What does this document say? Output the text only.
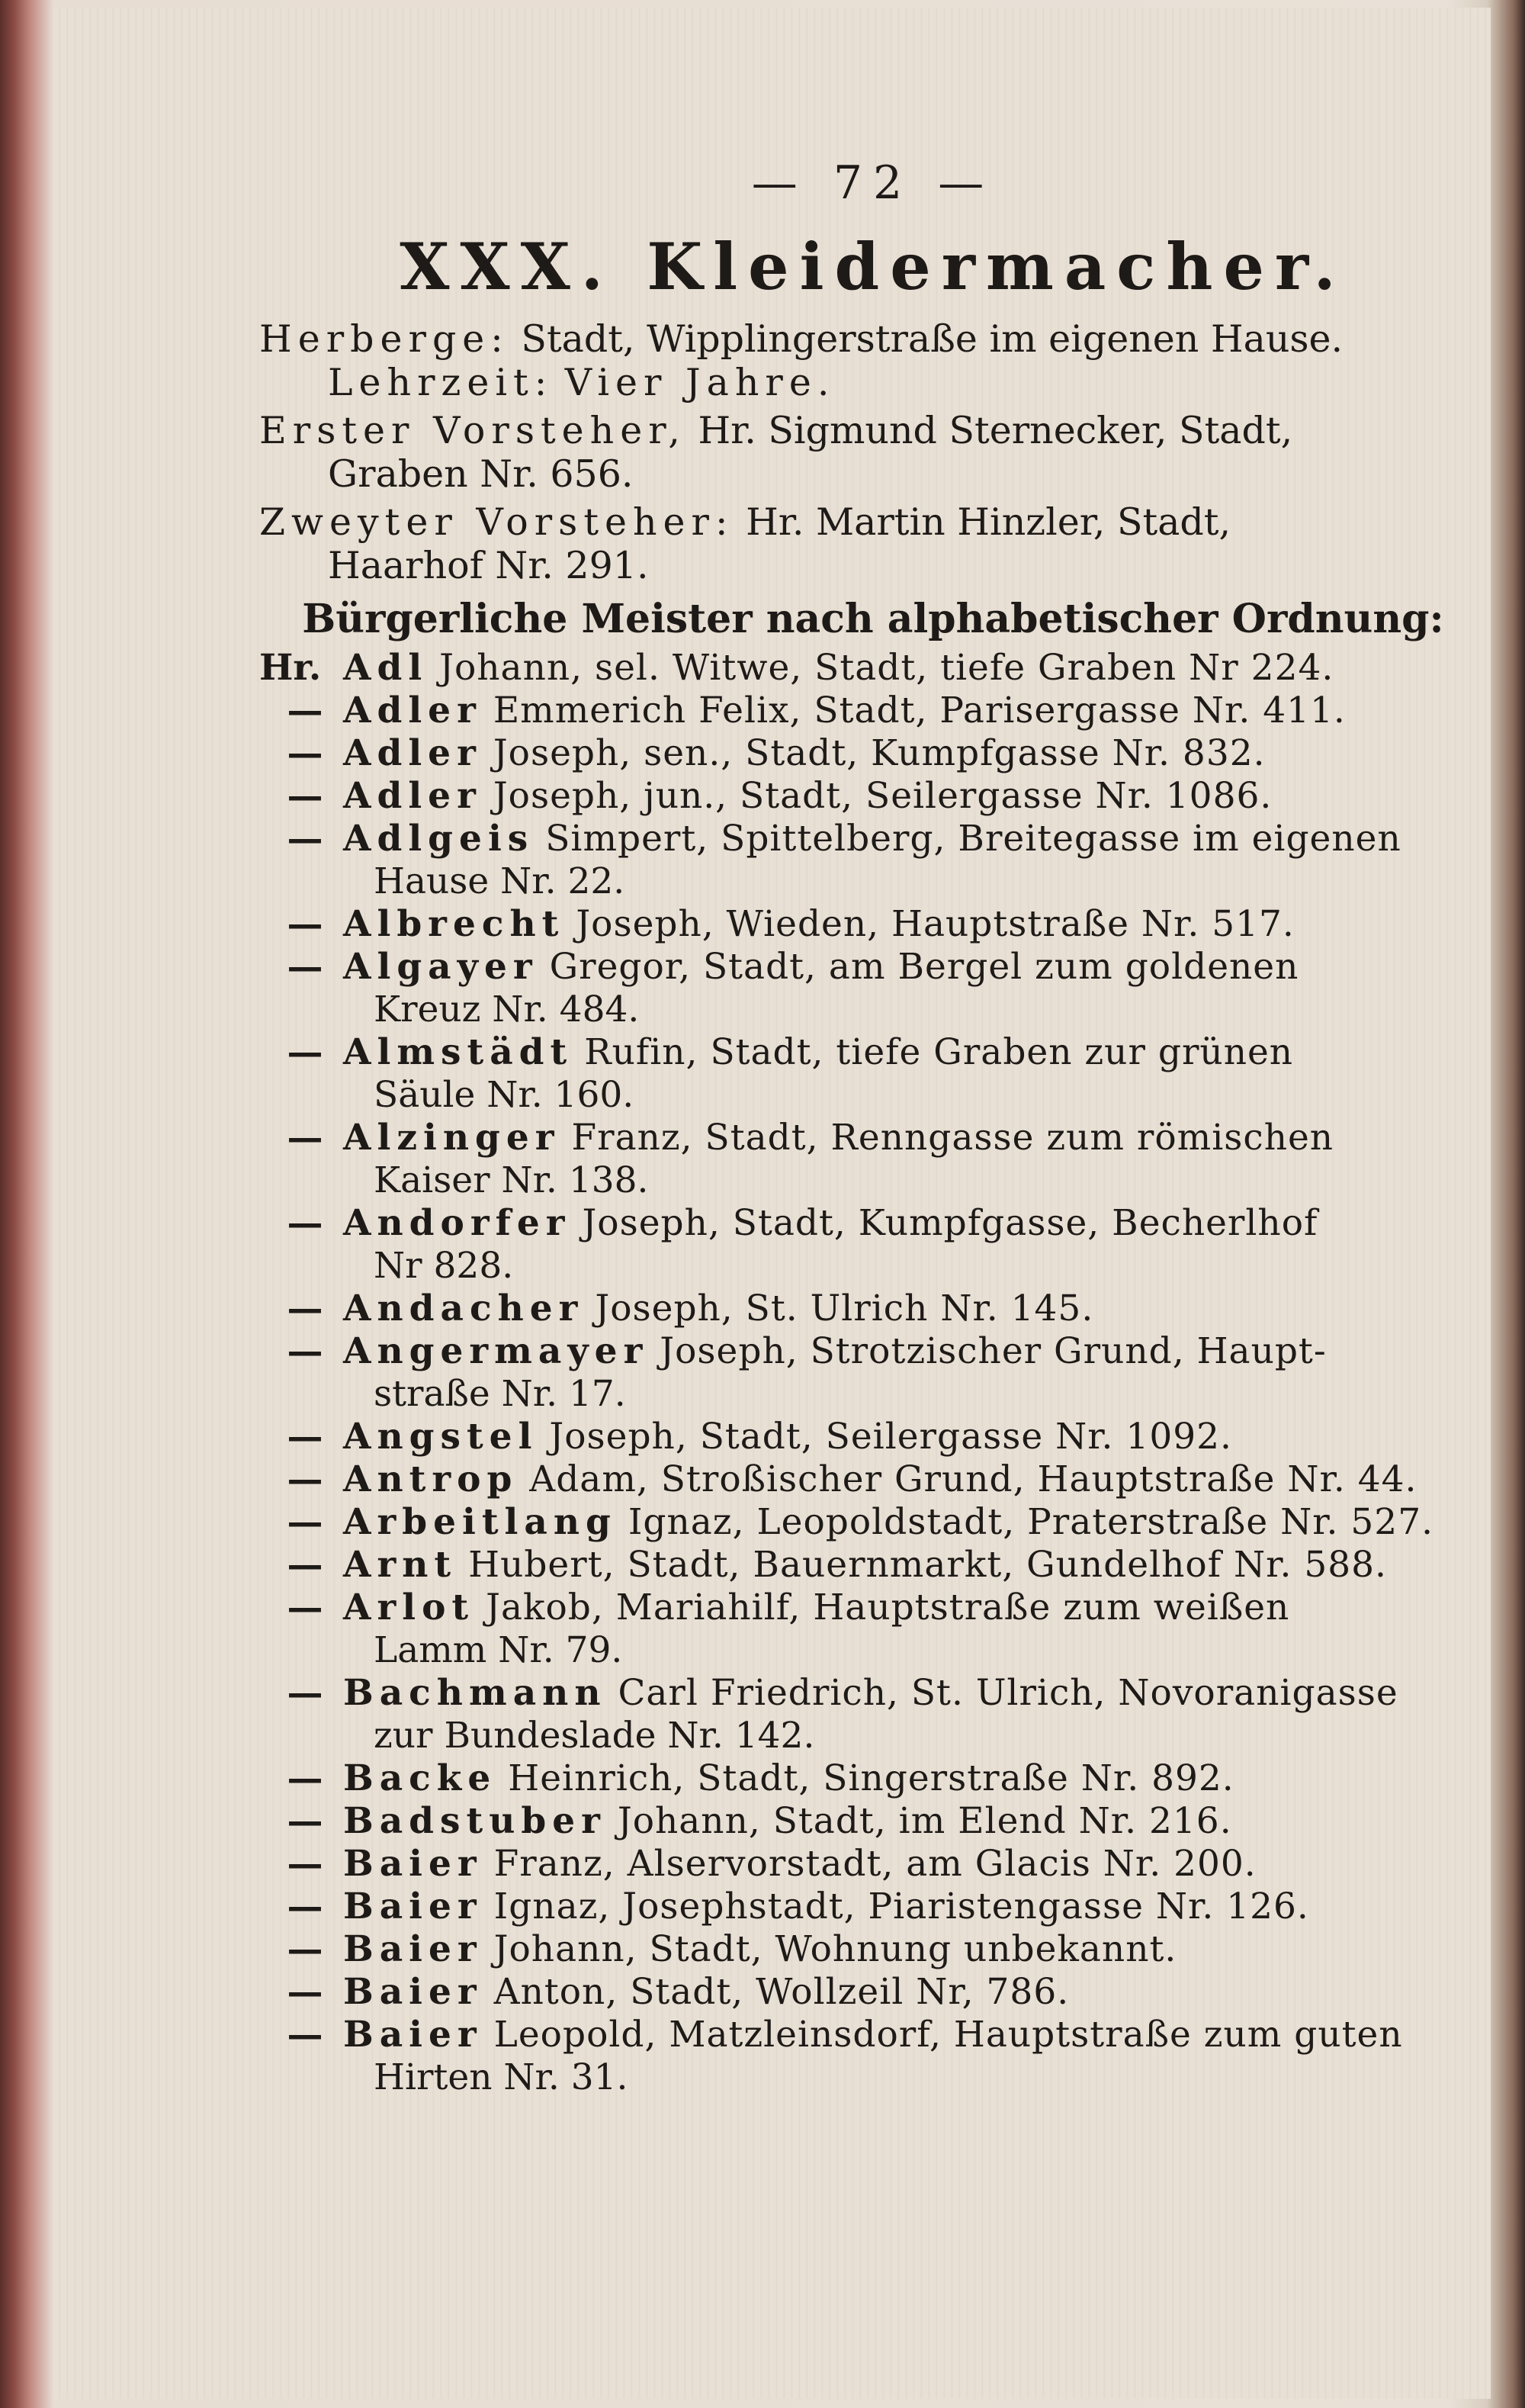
— 72 —
XXX. Kleidermacher.
Herberge: Stadt, Wipplingerstraße im eigenen Hause.
Lehrzeit: Vier Jahre.
Erster Vorsteher, Hr. Sigmund Sternecker, Stadt,
Graben Nr. 656.
Zweyter Vorsteher: Hr. Martin Hinzler, Stadt,
Haarhof Nr. 291.
Bürgerliche Meister nach alphabetischer Ordnung:
Hr. Adl Johann, sel. Witwe, Stadt, tiefe Graben Nr 224.
— Adler Emmerich Felix, Stadt, Parisergasse Nr. 411.
— Adler Joseph, sen., Stadt, Kumpfgasse Nr. 832.
— Adler Joseph, jun., Stadt, Seilergasse Nr. 1086.
— Adlgeis Simpert, Spittelberg, Breitegasse im eigenen
Hause Nr. 22.
— Albrecht Joseph, Wieden, Hauptstraße Nr. 517.
— Algayer Gregor, Stadt, am Bergel zum goldenen
Kreuz Nr. 484.
— Almstädt Rufin, Stadt, tiefe Graben zur grünen
Säule Nr. 160.
— Alzinger Franz, Stadt, Renngasse zum römischen
Kaiser Nr. 138.
— Andorfer Joseph, Stadt, Kumpfgasse, Becherlhof
Nr 828.
— Andacher Joseph, St. Ulrich Nr. 145.
— Angermayer Joseph, Strotzischer Grund, Haupt-
straße Nr. 17.
— Angstel Joseph, Stadt, Seilergasse Nr. 1092.
— Antrop Adam, Stroßischer Grund, Hauptstraße Nr. 44.
— Arbeitlang Ignaz, Leopoldstadt, Praterstraße Nr. 527.
— Arnt Hubert, Stadt, Bauernmarkt, Gundelhof Nr. 588.
— Arlot Jakob, Mariahilf, Hauptstraße zum weißen
Lamm Nr. 79.
— Bachmann Carl Friedrich, St. Ulrich, Novoranigasse
zur Bundeslade Nr. 142.
— Backe Heinrich, Stadt, Singerstraße Nr. 892.
— Badstuber Johann, Stadt, im Elend Nr. 216.
— Baier Franz, Alservorstadt, am Glacis Nr. 200.
— Baier Ignaz, Josephstadt, Piaristengasse Nr. 126.
— Baier Johann, Stadt, Wohnung unbekannt.
— Baier Anton, Stadt, Wollzeil Nr, 786.
— Baier Leopold, Matzleinsdorf, Hauptstraße zum guten
Hirten Nr. 31.
